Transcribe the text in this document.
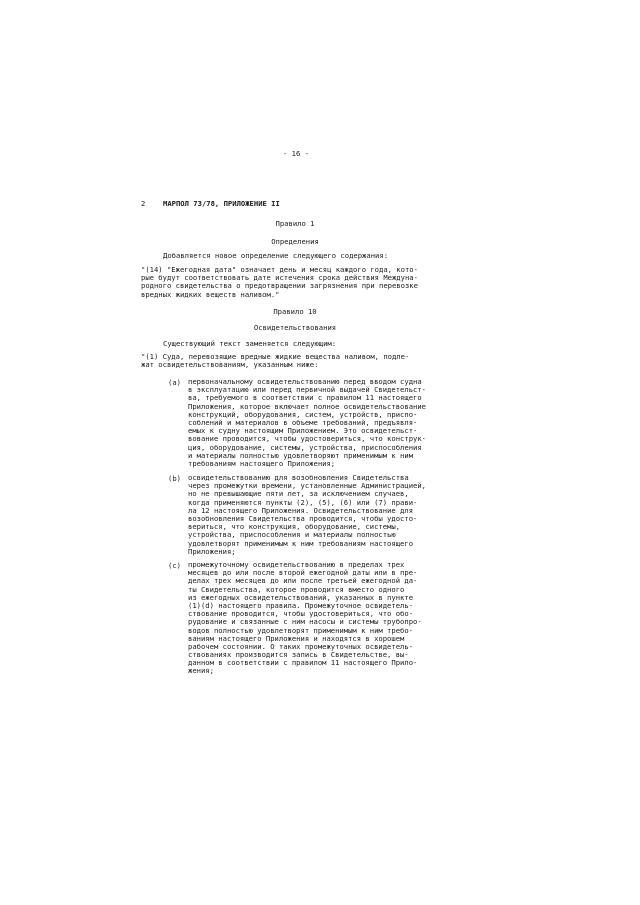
- 16 -
2 МАРПОЛ 73/78, ПРИЛОЖЕНИЕ II
Правило 1
Определения
Добавляется новое определение следующего содержания:
"(14) "Ежегодная дата" означает день и месяц каждого года, кото-
рые будут соответствовать дате истечения срока действия Междуна-
родного свидетельства о предотвращении загрязнения при перевозке
вредных жидких веществ наливом."
Правило 10
Освидетельствования
Существующий текст заменяется следующим:
"(1) Суда, перевозящие вредные жидкие вещества наливом, подле-
жат освидетельствованиям, указанным ниже:
(a) первоначальному освидетельствованию перед вводом судна
в эксплуатацию или перед первичной выдачей Свидетельст-
ва, требуемого в соответствии с правилом 11 настоящего
Приложения, которое включает полное освидетельствование
конструкций, оборудования, систем, устройств, приспо-
соблений и материалов в объеме требований, предъявля-
емых к судну настоящим Приложением. Это освидетельст-
вование проводится, чтобы удостовериться, что конструк-
ция, оборудование, системы, устройства, приспособления
и материалы полностью удовлетворяют применимым к ним
требованиям настоящего Приложения;
(b) освидетельствованию для возобновления Свидетельства
через промежутки времени, установленные Администрацией,
но не превышающие пяти лет, за исключением случаев,
когда применяются пункты (2), (5), (6) или (7) прави-
ла 12 настоящего Приложения. Освидетельствование для
возобновления Свидетельства проводится, чтобы удосто-
вериться, что конструкция, оборудование, системы,
устройства, приспособления и материалы полностью
удовлетворят применимым к ним требованиям настоящего
Приложения;
(c) промежуточному освидетельствованию в пределах трех
месяцев до или после второй ежегодной даты или в пре-
делах трех месяцев до или после третьей ежегодной да-
ты Свидетельства, которое проводится вместо одного
из ежегодных освидетельствований, указанных в пункте
(1)(d) настоящего правила. Промежуточное освидетель-
ствование проводится, чтобы удостовериться, что обо-
рудование и связанные с ним насосы и системы трубопро-
водов полностью удовлетворят применимым к ним требо-
ваниям настоящего Приложения и находятся в хорошем
рабочем состоянии. О таких промежуточных освидетель-
ствованиях производится запись в Свидетельстве, вы-
данном в соответствии с правилом 11 настоящего Прило-
жения;
